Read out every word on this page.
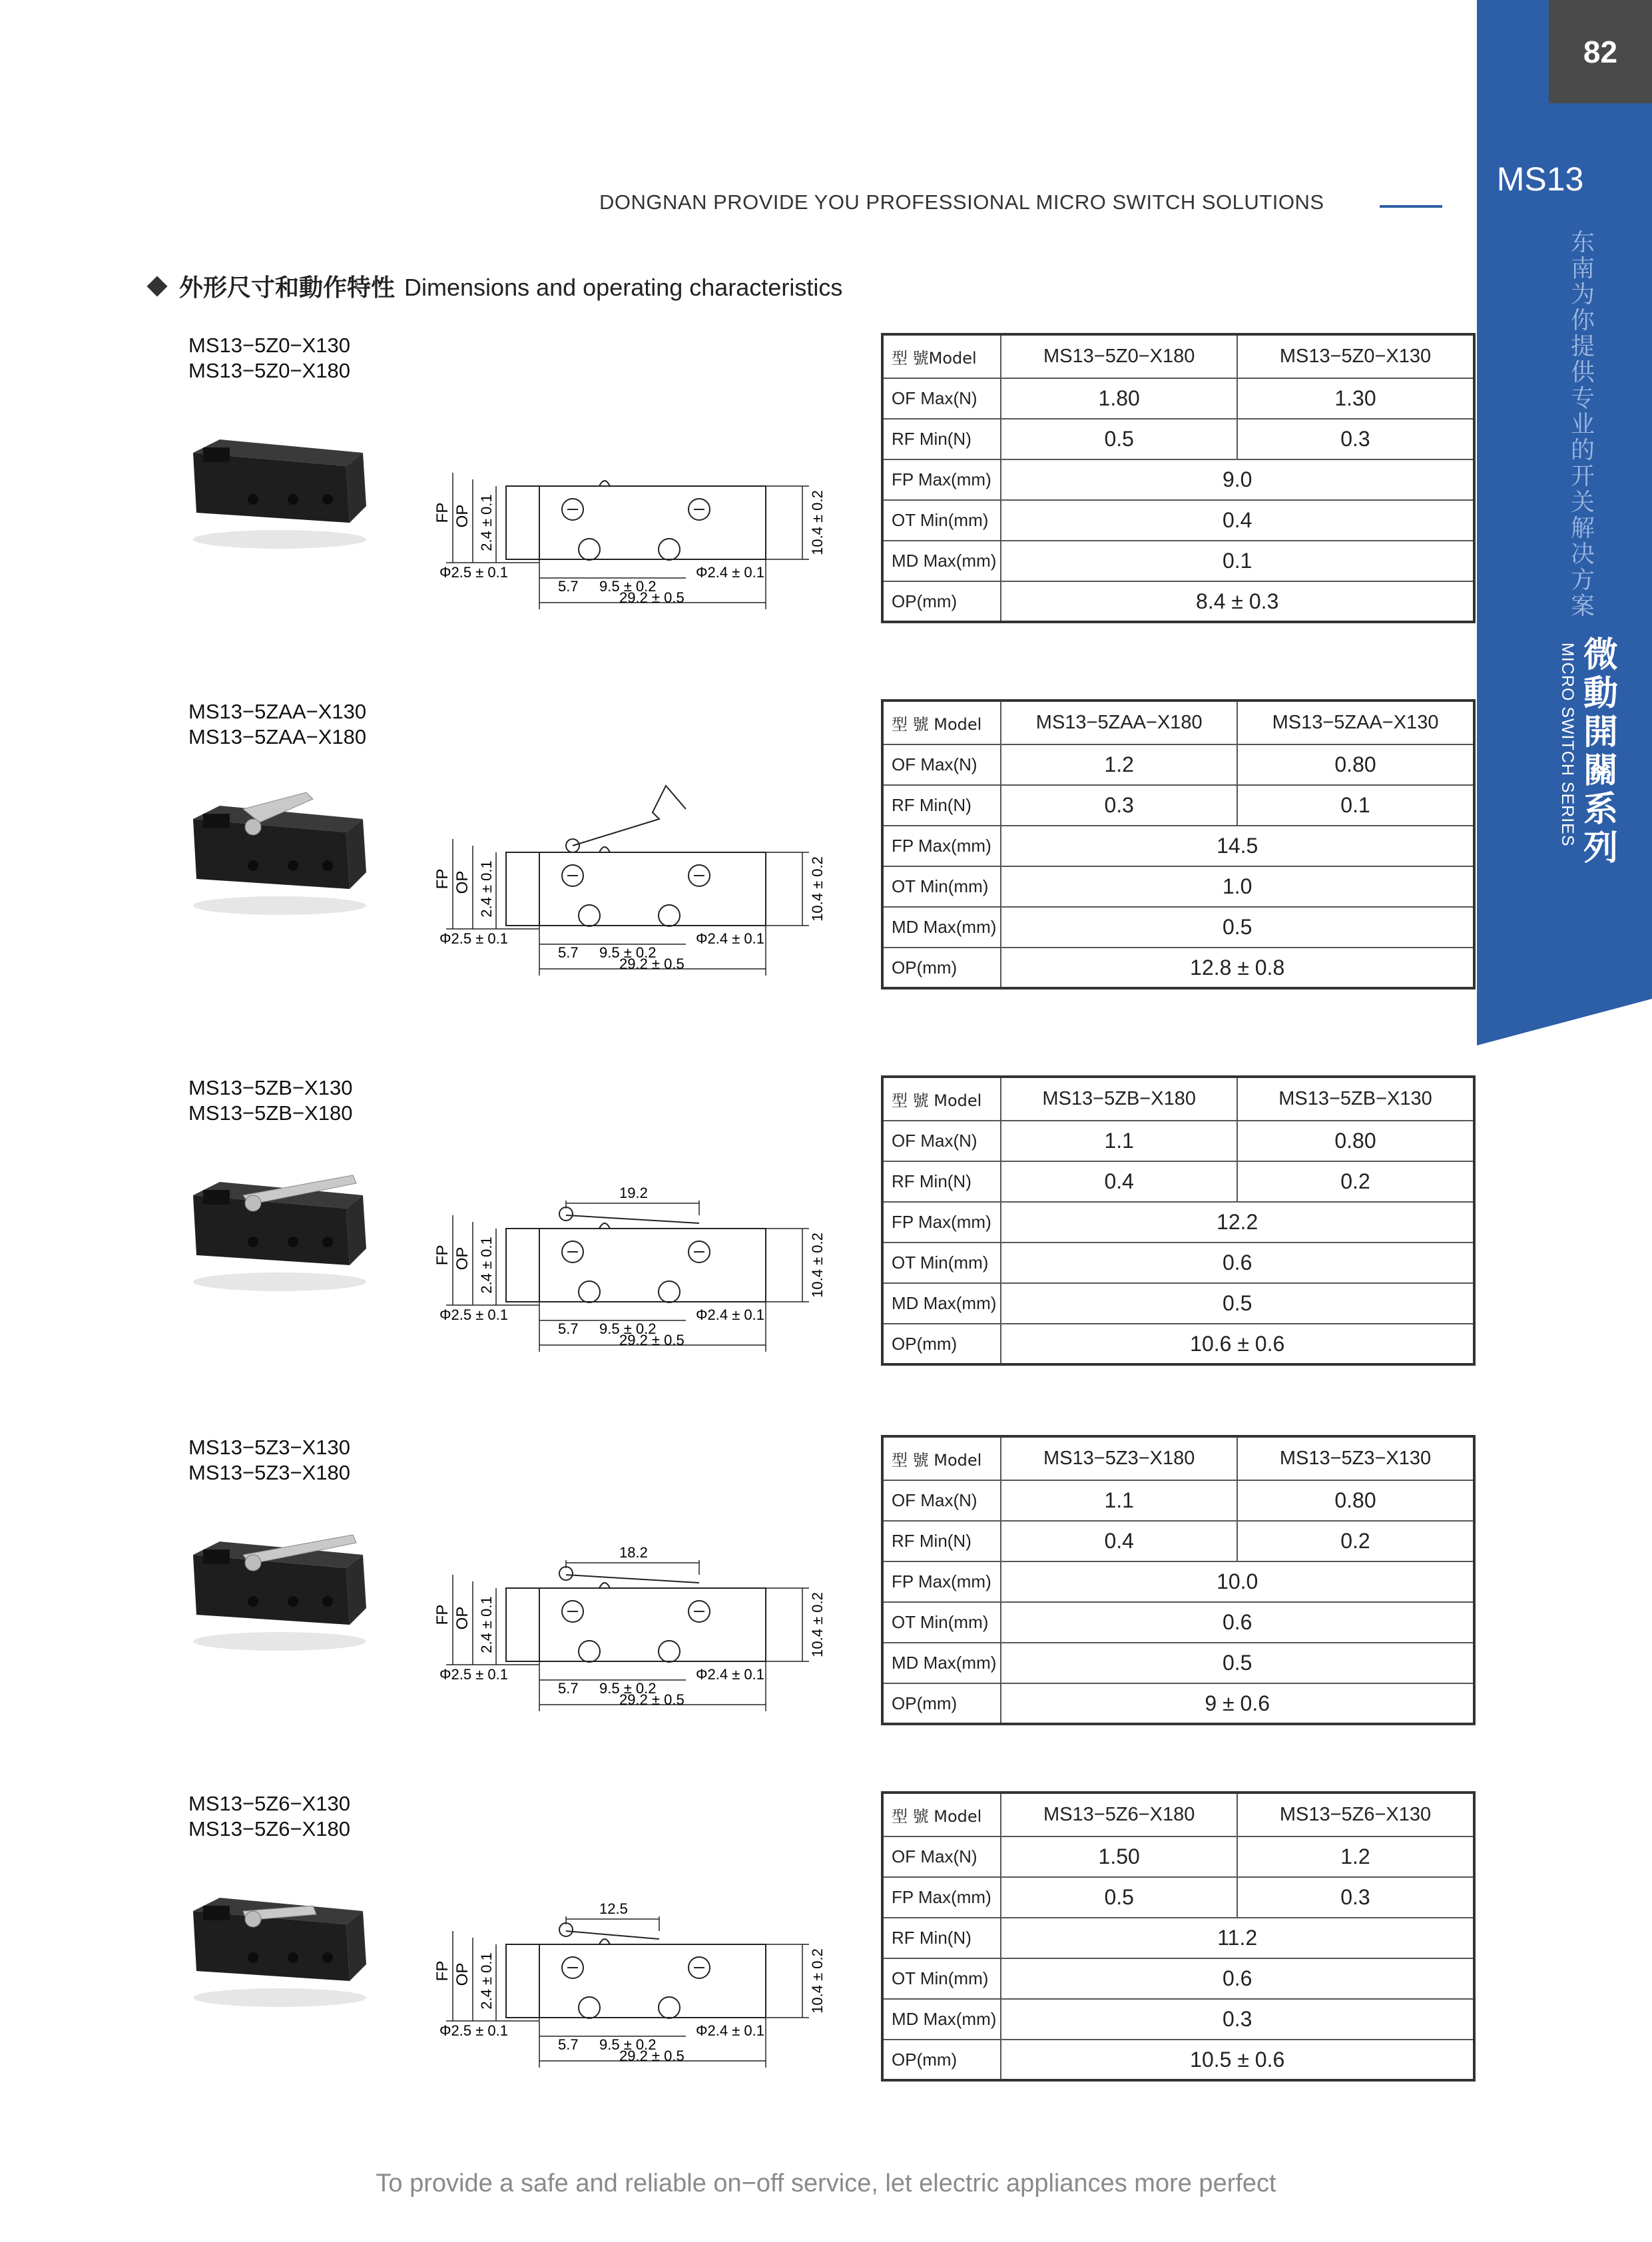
82
MS13
东
南
为
你
提
供
专
业
的
开
关
解
决
方
案
微
動
開
關
系
列
MICRO SWITCH SERIES
DONGNAN PROVIDE YOU PROFESSIONAL MICRO SWITCH SOLUTIONS
外形尺寸和動作特性 Dimensions and operating characteristics
MS13−5Z0−X130
MS13−5Z0−X180
FP OP 2.4 ± 0.1	10.4 ± 0.2
Φ2.5 ± 0.1	Φ2.4 ± 0.1
5.7 9.5 ± 0.2
29.2 ± 0.5
型 號Model	MS13−5Z0−X180	MS13−5Z0−X130
OF Max(N)	1.80	1.30
RF Min(N)	0.5	0.3
FP Max(mm)	9.0	
OT Min(mm)	0.4	
MD Max(mm)	0.1	
OP(mm)	8.4 ± 0.3	
MS13−5ZAA−X130
MS13−5ZAA−X180
FP OP 2.4 ± 0.1	10.4 ± 0.2
Φ2.5 ± 0.1	Φ2.4 ± 0.1
5.7 9.5 ± 0.2
29.2 ± 0.5
型 號 Model	MS13−5ZAA−X180	MS13−5ZAA−X130
OF Max(N)	1.2	0.80
RF Min(N)	0.3	0.1
FP Max(mm)	14.5	
OT Min(mm)	1.0	
MD Max(mm)	0.5	
OP(mm)	12.8 ± 0.8	
MS13−5ZB−X130
MS13−5ZB−X180
19.2
FP OP 2.4 ± 0.1	10.4 ± 0.2
Φ2.5 ± 0.1	Φ2.4 ± 0.1
5.7 9.5 ± 0.2
29.2 ± 0.5
型 號 Model	MS13−5ZB−X180	MS13−5ZB−X130
OF Max(N)	1.1	0.80
RF Min(N)	0.4	0.2
FP Max(mm)	12.2	
OT Min(mm)	0.6	
MD Max(mm)	0.5	
OP(mm)	10.6 ± 0.6	
MS13−5Z3−X130
MS13−5Z3−X180
18.2
FP OP 2.4 ± 0.1	10.4 ± 0.2
Φ2.5 ± 0.1	Φ2.4 ± 0.1
5.7 9.5 ± 0.2
29.2 ± 0.5
型 號 Model	MS13−5Z3−X180	MS13−5Z3−X130
OF Max(N)	1.1	0.80
RF Min(N)	0.4	0.2
FP Max(mm)	10.0	
OT Min(mm)	0.6	
MD Max(mm)	0.5	
OP(mm)	9 ± 0.6	
MS13−5Z6−X130
MS13−5Z6−X180
12.5
FP OP 2.4 ± 0.1	10.4 ± 0.2
Φ2.5 ± 0.1	Φ2.4 ± 0.1
5.7 9.5 ± 0.2
29.2 ± 0.5
型 號 Model	MS13−5Z6−X180	MS13−5Z6−X130
OF Max(N)	1.50	1.2
FP Max(mm)	0.5	0.3
RF Min(N)	11.2	
OT Min(mm)	0.6	
MD Max(mm)	0.3	
OP(mm)	10.5 ± 0.6	
To provide a safe and reliable on−off service, let electric appliances more perfect
